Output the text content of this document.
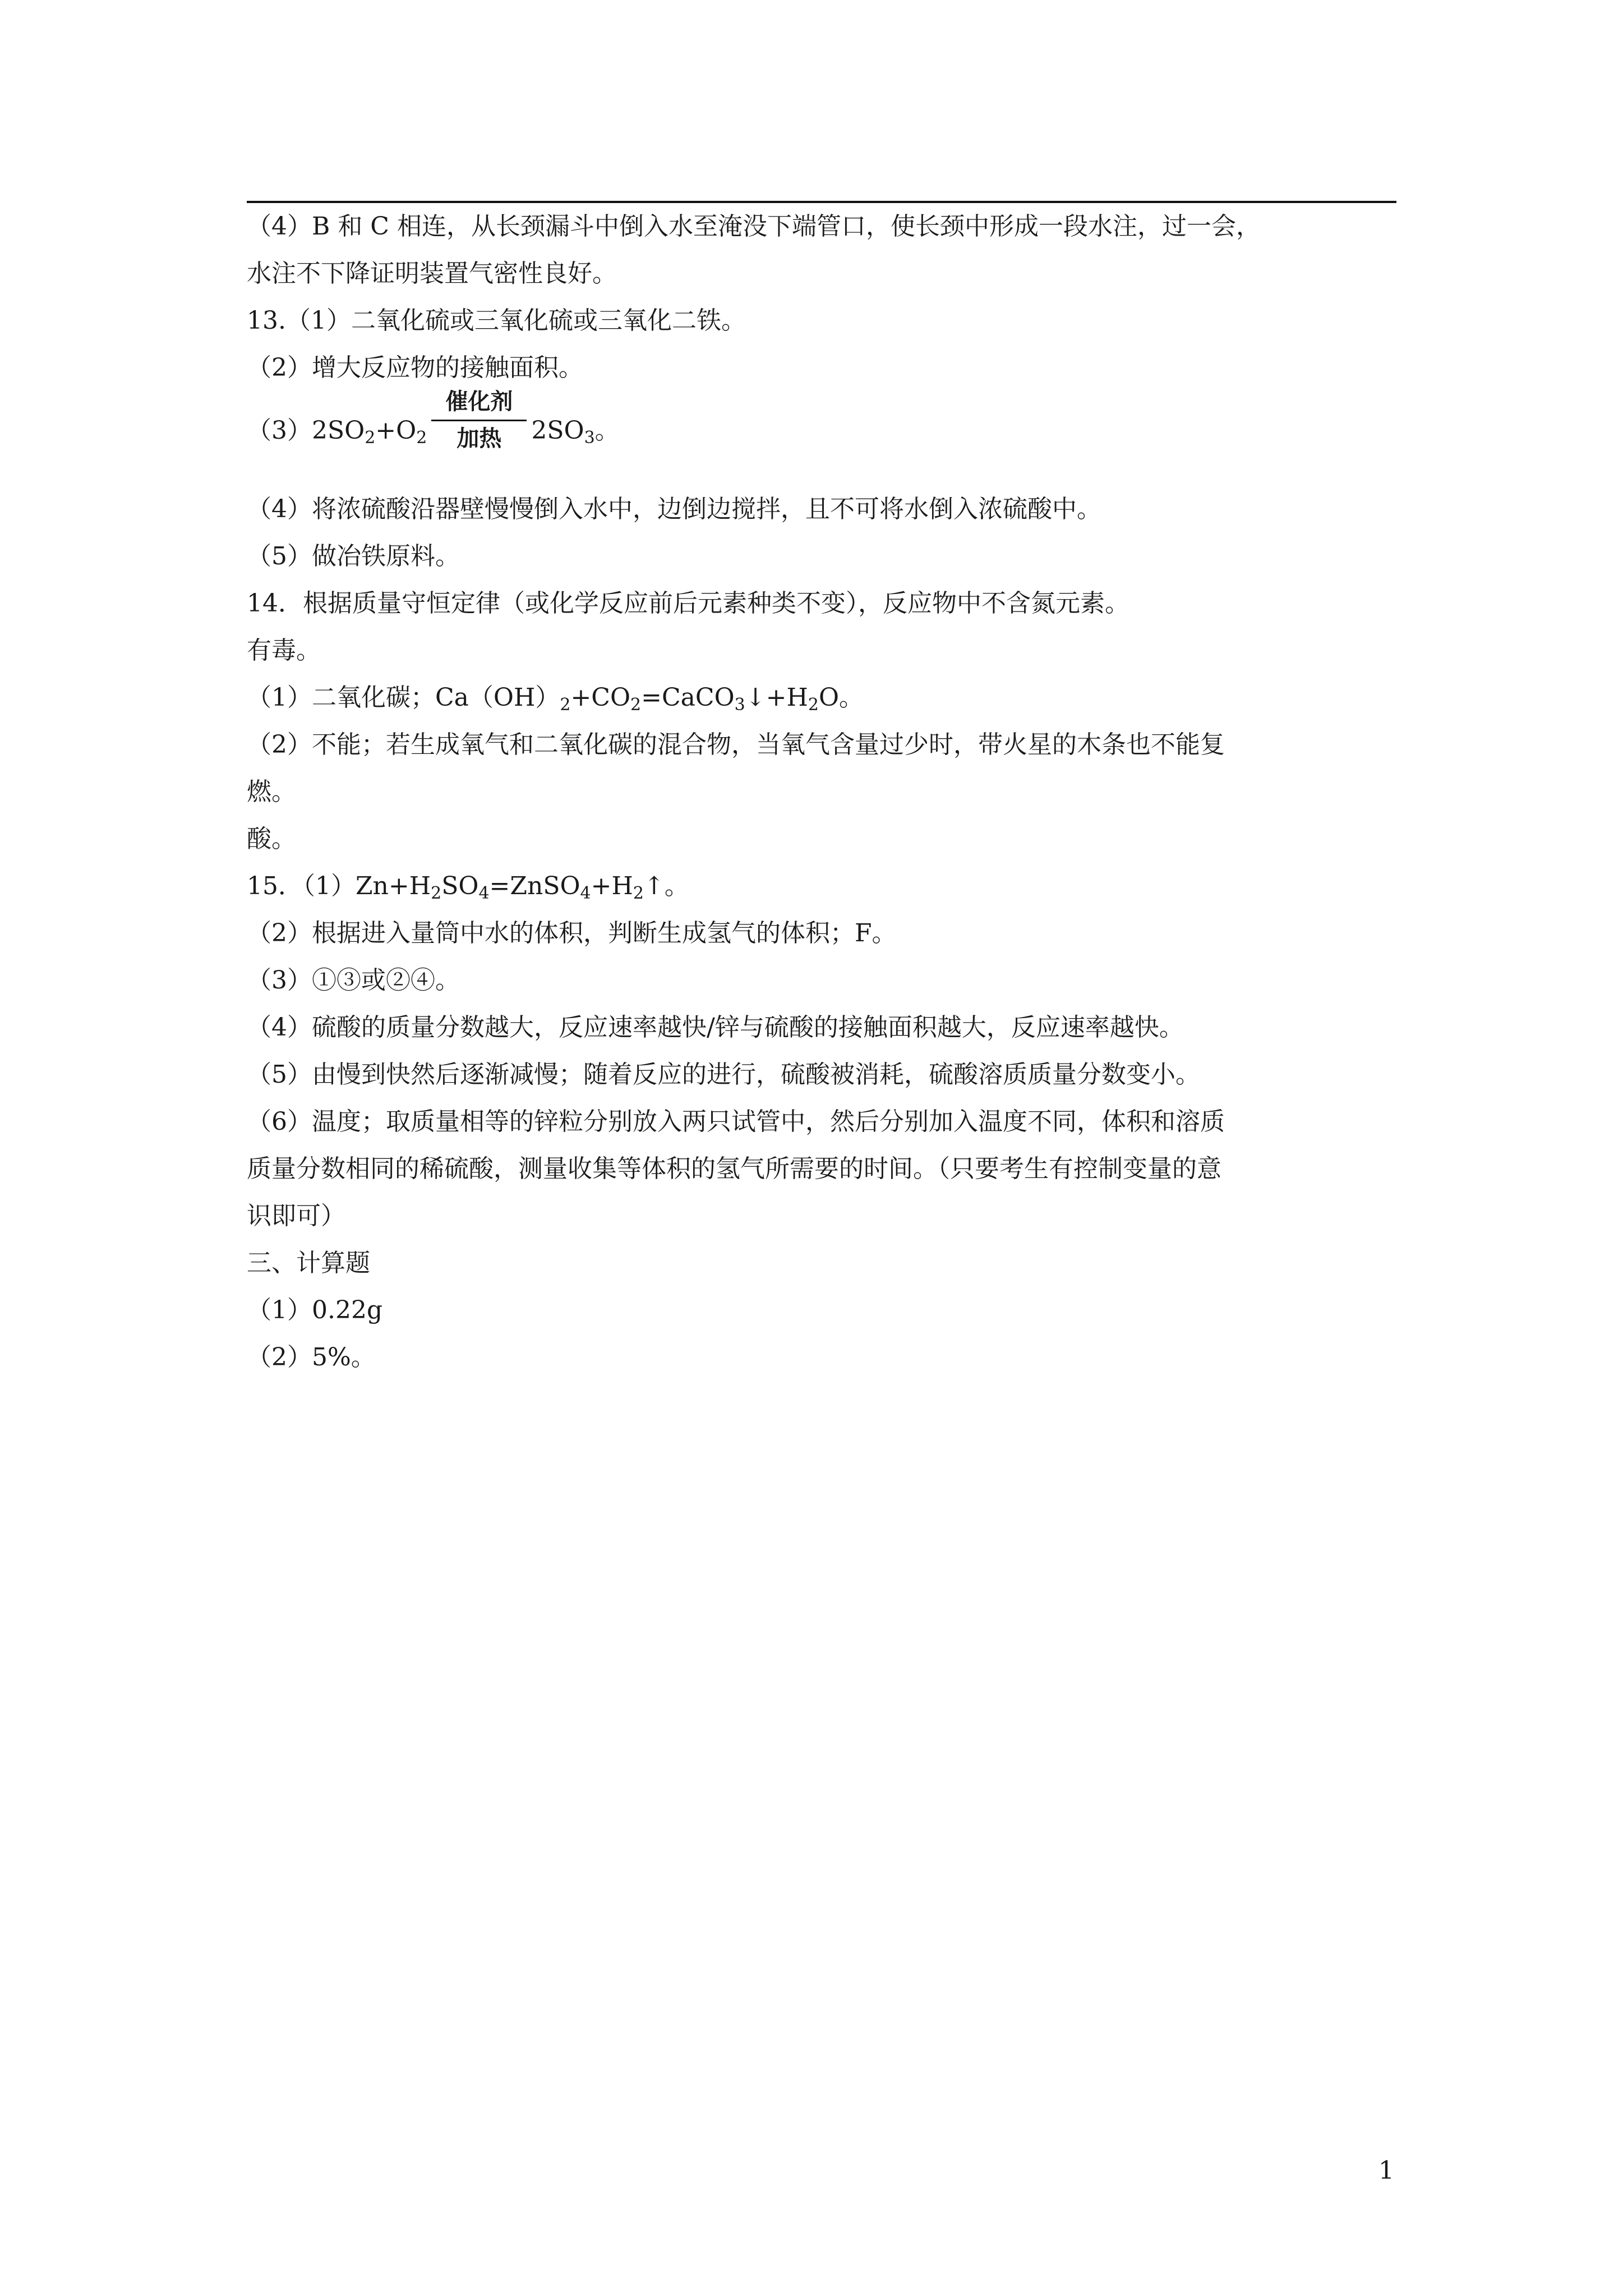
（4）B 和 C 相连，从长颈漏斗中倒入水至淹没下端管口，使长颈中形成一段水注，过一会，
水注不下降证明装置气密性良好。
13.（1）二氧化硫或三氧化硫或三氧化二铁。
（2）增大反应物的接触面积。
$(3)2SO_2+O_2$
催化剂
加热	$2SO_3$。
（4）将浓硫酸沿器壁慢慢倒入水中，边倒边搅拌，且不可将水倒入浓硫酸中。
（5）做冶铁原料。
14．根据质量守恒定律（或化学反应前后元素种类不变），反应物中不含氮元素。
有毒。
（1）二氧化碳；$Ca(OH)_2+CO_2=CaCO_3↓+H_2O$。
（2）不能；若生成氧气和二氧化碳的混合物，当氧气含量过少时，带火星的木条也不能复
燃。
酸。
15．$(1)Zn+H_2SO_4=ZnSO_4+H_2↑$。
（2）根据进入量筒中水的体积，判断生成氢气的体积；F。
（3）①③或②④。
（4）硫酸的质量分数越大，反应速率越快/锌与硫酸的接触面积越大，反应速率越快。
（5）由慢到快然后逐渐减慢；随着反应的进行，硫酸被消耗，硫酸溶质质量分数变小。
（6）温度；取质量相等的锌粒分别放入两只试管中，然后分别加入温度不同，体积和溶质
质量分数相同的稀硫酸，测量收集等体积的氢气所需要的时间。（只要考生有控制变量的意
识即可）
三、计算题
（1）0.22g
（2）5%。
1
